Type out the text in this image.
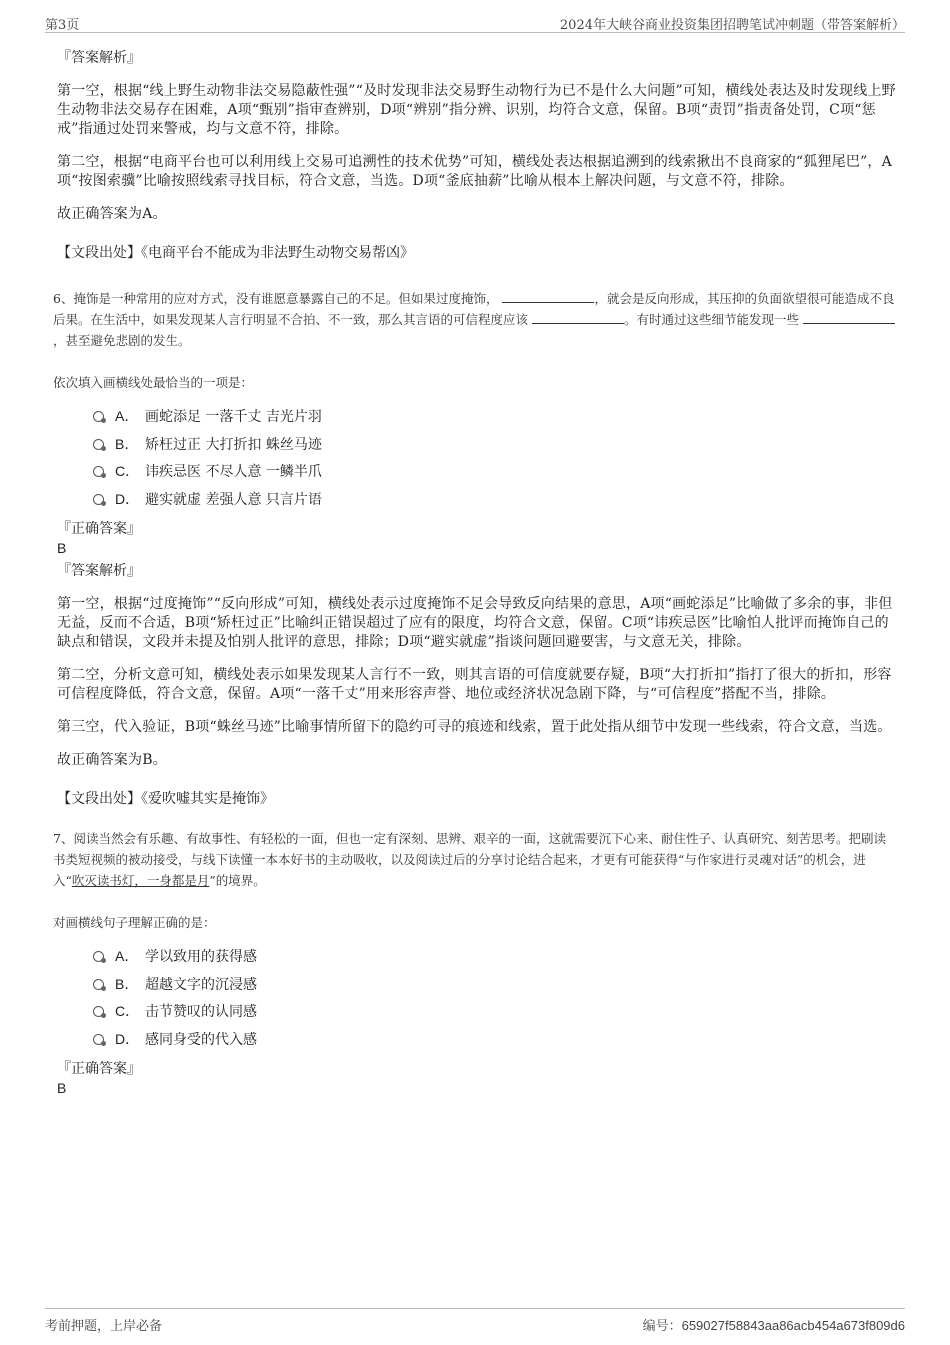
第3页	2024年大峡谷商业投资集团招聘笔试冲刺题（带答案解析）
『答案解析』

第一空，根据“线上野生动物非法交易隐蔽性强”“及时发现非法交易野生动物行为已不是什么大问题”可知，横线处表达及时发现线上野生动物非法交易存在困难，A项“甄别”指审查辨别，D项“辨别”指分辨、识别，均符合文意，保留。B项“责罚”指责备处罚，C项“惩戒”指通过处罚来警戒，均与文意不符，排除。

第二空，根据“电商平台也可以利用线上交易可追溯性的技术优势”可知，横线处表达根据追溯到的线索揪出不良商家的“狐狸尾巴”，A项“按图索骥”比喻按照线索寻找目标，符合文意，当选。D项“釜底抽薪”比喻从根本上解决问题，与文意不符，排除。

故正确答案为A。

【文段出处】《电商平台不能成为非法野生动物交易帮凶》
6、掩饰是一种常用的应对方式，没有谁愿意暴露自己的不足。但如果过度掩饰，	，就会是反向形成，其压抑的负面欲望很可能造成不良后果。在生活中，如果发现某人言行明显不合拍、不一致，那么其言语的可信程度应该	。有时通过这些细节能发现一些 ，甚至避免悲剧的发生。
依次填入画横线处最恰当的一项是：
A． 画蛇添足 一落千丈 吉光片羽
B． 矫枉过正 大打折扣 蛛丝马迹
C． 讳疾忌医 不尽人意 一鳞半爪
D． 避实就虚 差强人意 只言片语
『正确答案』
B
『答案解析』

第一空，根据“过度掩饰”“反向形成”可知，横线处表示过度掩饰不足会导致反向结果的意思，A项“画蛇添足”比喻做了多余的事，非但无益，反而不合适，B项“矫枉过正”比喻纠正错误超过了应有的限度，均符合文意，保留。C项“讳疾忌医”比喻怕人批评而掩饰自己的缺点和错误，文段并未提及怕别人批评的意思，排除；D项“避实就虚”指谈问题回避要害，与文意无关，排除。

第二空，分析文意可知，横线处表示如果发现某人言行不一致，则其言语的可信度就要存疑，B项“大打折扣”指打了很大的折扣，形容可信程度降低，符合文意，保留。A项“一落千丈”用来形容声誉、地位或经济状况急剧下降，与“可信程度”搭配不当，排除。

第三空，代入验证，B项“蛛丝马迹”比喻事情所留下的隐约可寻的痕迹和线索，置于此处指从细节中发现一些线索，符合文意，当选。

故正确答案为B。

【文段出处】《爱吹嘘其实是掩饰》
7、阅读当然会有乐趣、有故事性、有轻松的一面，但也一定有深刻、思辨、艰辛的一面，这就需要沉下心来、耐住性子、认真研究、刻苦思考。把刷读书类短视频的被动接受，与线下读懂一本本好书的主动吸收，以及阅读过后的分享讨论结合起来，才更有可能获得“与作家进行灵魂对话”的机会，进入“吹灭读书灯，一身都是月”的境界。
对画横线句子理解正确的是：
A． 学以致用的获得感
B． 超越文字的沉浸感
C． 击节赞叹的认同感
D． 感同身受的代入感
『正确答案』
B
考前押题，上岸必备	编号：659027f58843aa86acb454a673f809d6
